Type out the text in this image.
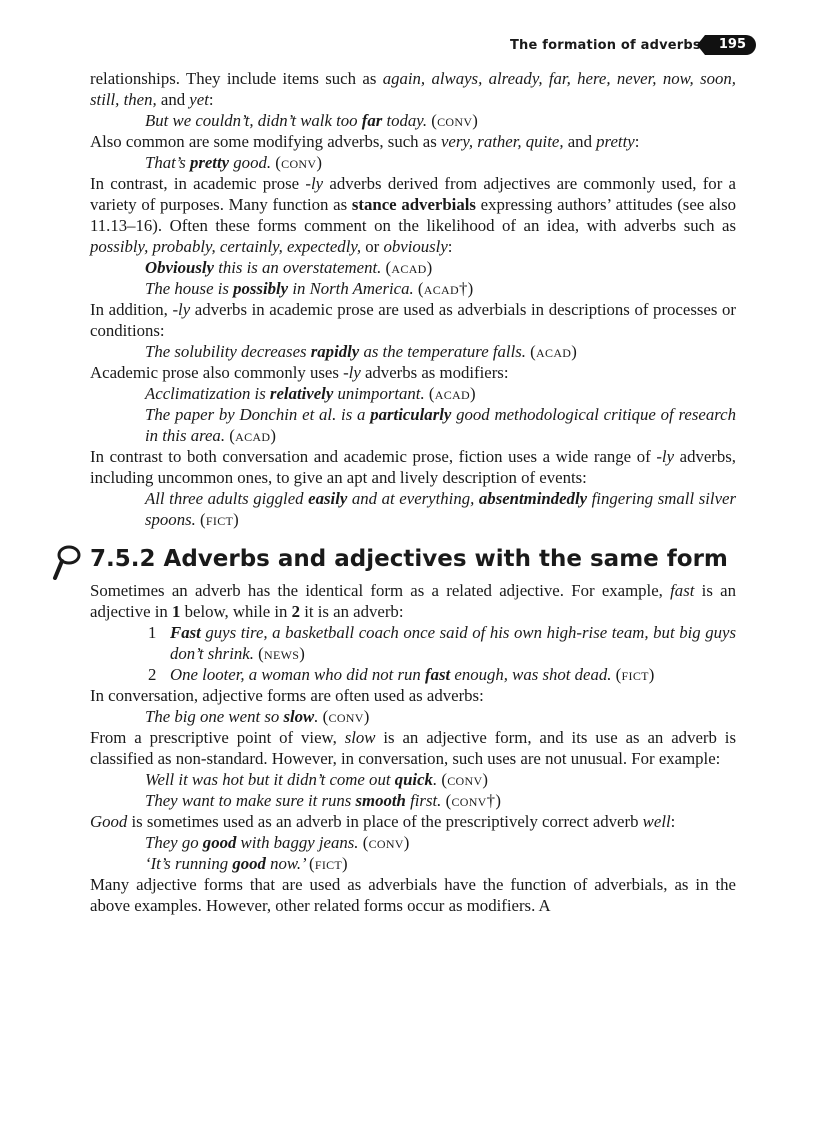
The formation of adverbs	195

relationships. They include items such as again, always, already, far, here, never, now, soon, still, then, and yet:

But we couldn’t, didn’t walk too far today. (conv)

Also common are some modifying adverbs, such as very, rather, quite, and pretty:

That’s pretty good. (conv)

In contrast, in academic prose -ly adverbs derived from adjectives are commonly used, for a variety of purposes. Many function as stance adverbials expressing authors’ attitudes (see also 11.13–16). Often these forms comment on the likelihood of an idea, with adverbs such as possibly, probably, certainly, expectedly, or obviously:

Obviously this is an overstatement. (acad)

The house is possibly in North America. (acad†)

In addition, -ly adverbs in academic prose are used as adverbials in descriptions of processes or conditions:

The solubility decreases rapidly as the temperature falls. (acad)

Academic prose also commonly uses -ly adverbs as modifiers:

Acclimatization is relatively unimportant. (acad)

The paper by Donchin et al. is a particularly good methodological critique of research in this area. (acad)

In contrast to both conversation and academic prose, fiction uses a wide range of -ly adverbs, including uncommon ones, to give an apt and lively description of events:

All three adults giggled easily and at everything, absentmindedly fingering small silver spoons. (fict)

7.5.2 Adverbs and adjectives with the same form

Sometimes an adverb has the identical form as a related adjective. For example, fast is an adjective in 1 below, while in 2 it is an adverb:

1 Fast guys tire, a basketball coach once said of his own high-rise team, but big guys don’t shrink. (news)

2 One looter, a woman who did not run fast enough, was shot dead. (fict)

In conversation, adjective forms are often used as adverbs:

The big one went so slow. (conv)

From a prescriptive point of view, slow is an adjective form, and its use as an adverb is classified as non-standard. However, in conversation, such uses are not unusual. For example:

Well it was hot but it didn’t come out quick. (conv)

They want to make sure it runs smooth first. (conv†)

Good is sometimes used as an adverb in place of the prescriptively correct adverb well:

They go good with baggy jeans. (conv)

‘It’s running good now.’ (fict)

Many adjective forms that are used as adverbials have the function of adverbials, as in the above examples. However, other related forms occur as modifiers. A
